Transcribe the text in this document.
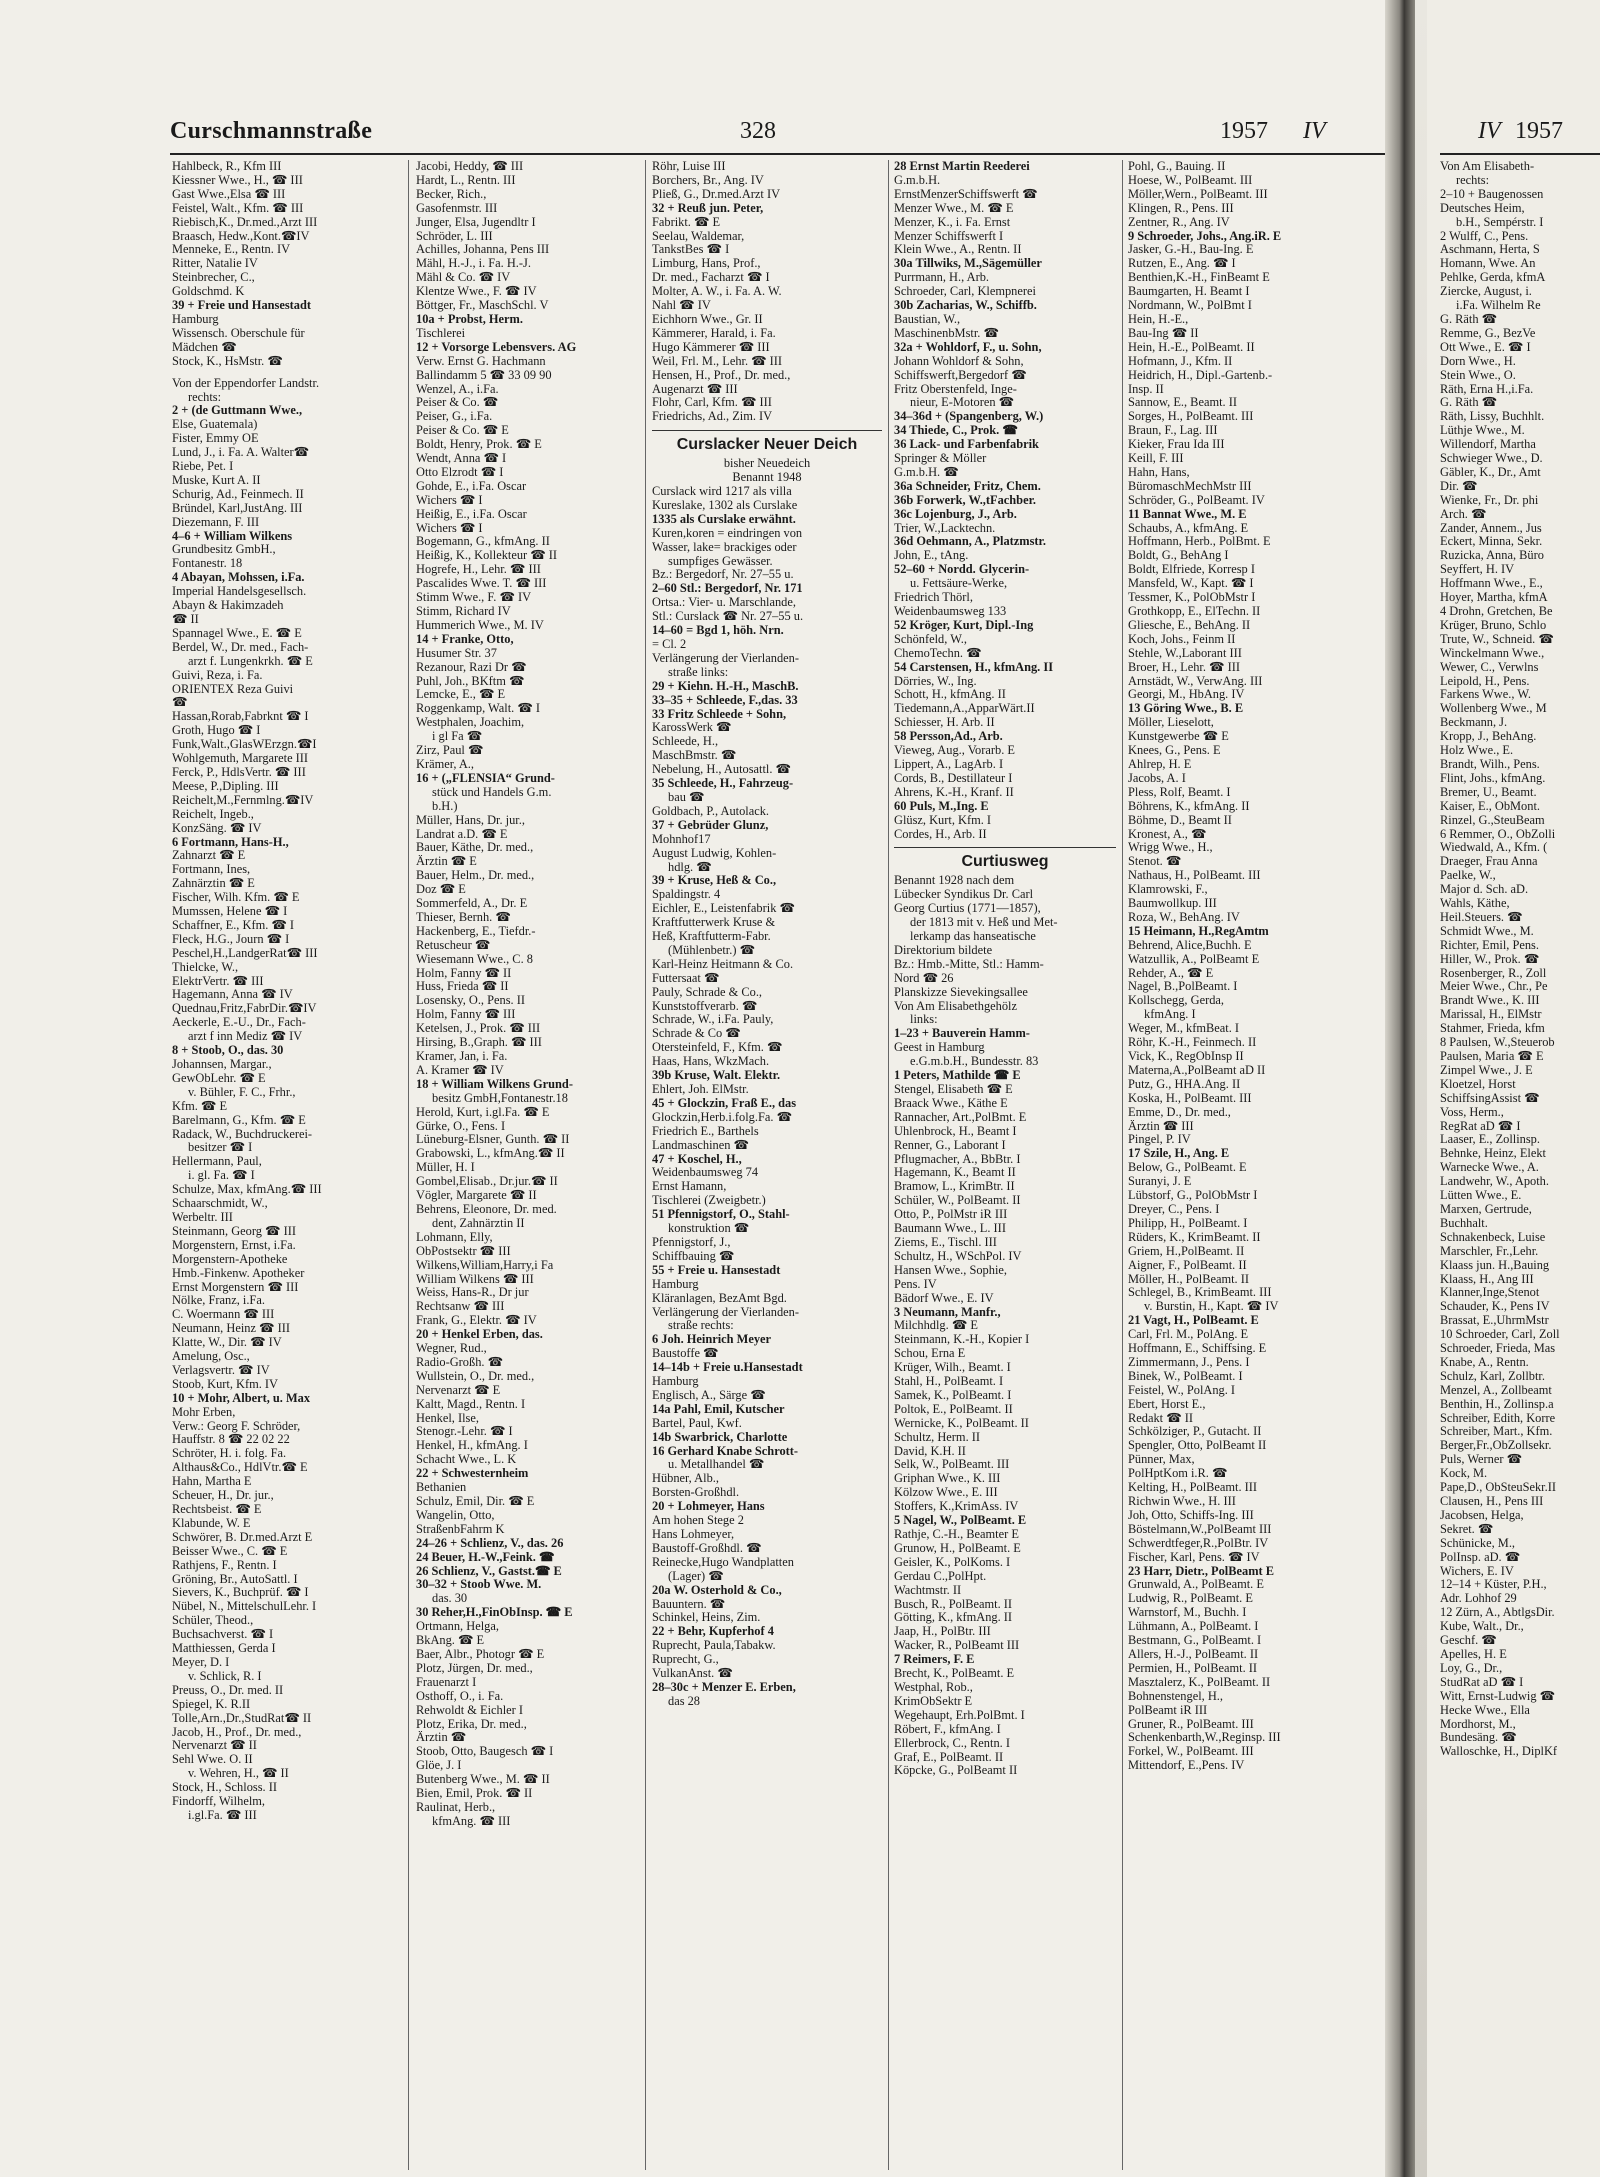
Curschmannstraße	328	1957 IV
Hahlbeck, R., Kfm III
Kiessner Wwe., H., ☎ III
Gast Wwe.,Elsa ☎ III
Feistel, Walt., Kfm. ☎ III
Riebisch,K., Dr.med.,Arzt III
Braasch, Hedw.,Kont.☎IV
Menneke, E., Rentn. IV
Ritter, Natalie IV
Steinbrecher, C.,
Goldschmd. K
39 + Freie und Hansestadt
Hamburg
Wissensch. Oberschule für
Mädchen ☎
Stock, K., HsMstr. ☎
Von der Eppendorfer Landstr.
rechts:
2 + (de Guttmann Wwe.,
Else, Guatemala)
Fister, Emmy OE
Lund, J., i. Fa. A. Walter☎
Riebe, Pet. I
Muske, Kurt A. II
Schurig, Ad., Feinmech. II
Bründel, Karl,JustAng. III
Diezemann, F. III
4–6 + William Wilkens
Grundbesitz GmbH.,
Fontanestr. 18
4 Abayan, Mohssen, i.Fa.
Imperial Handelsgesellsch.
Abayn & Hakimzadeh
☎ II
Spannagel Wwe., E. ☎ E
Berdel, W., Dr. med., Fach-
arzt f. Lungenkrkh. ☎ E
Guivi, Reza, i. Fa.
ORIENTEX Reza Guivi
☎
Hassan,Rorab,Fabrknt ☎ I
Groth, Hugo ☎ I
Funk,Walt.,GlasWErzgn.☎I
Wohlgemuth, Margarete III
Ferck, P., HdlsVertr. ☎ III
Meese, P.,Dipling. III
Reichelt,M.,Fernmlng.☎IV
Reichelt, Ingeb.,
KonzSäng. ☎ IV
6 Fortmann, Hans-H.,
Zahnarzt ☎ E
Fortmann, Ines,
Zahnärztin ☎ E
Fischer, Wilh. Kfm. ☎ E
Mumssen, Helene ☎ I
Schaffner, E., Kfm. ☎ I
Fleck, H.G., Journ ☎ I
Peschel,H.,LandgerRat☎ III
Thielcke, W.,
ElektrVertr. ☎ III
Hagemann, Anna ☎ IV
Quednau,Fritz,FabrDir.☎IV
Aeckerle, E.-U., Dr., Fach-
arzt f inn Mediz ☎ IV
8 + Stoob, O., das. 30
Johannsen, Margar.,
GewObLehr. ☎ E
v. Bühler, F. C., Frhr.,
Kfm. ☎ E
Barelmann, G., Kfm. ☎ E
Radack, W., Buchdruckerei-
besitzer ☎ I
Hellermann, Paul,
i. gl. Fa. ☎ I
Schulze, Max, kfmAng.☎ III
Schaarschmidt, W.,
Werbeltr. III
Steinmann, Georg ☎ III
Morgenstern, Ernst, i.Fa.
Morgenstern-Apotheke
Hmb.-Finkenw. Apotheker
Ernst Morgenstern ☎ III
Nölke, Franz, i.Fa.
C. Woermann ☎ III
Neumann, Heinz ☎ III
Klatte, W., Dir. ☎ IV
Amelung, Osc.,
Verlagsvertr. ☎ IV
Stoob, Kurt, Kfm. IV
10 + Mohr, Albert, u. Max
Mohr Erben,
Verw.: Georg F. Schröder,
Hauffstr. 8 ☎ 22 02 22
Schröter, H. i. folg. Fa.
Althaus&Co., HdlVtr.☎ E
Hahn, Martha E
Scheuer, H., Dr. jur.,
Rechtsbeist. ☎ E
Klabunde, W. E
Schwörer, B. Dr.med.Arzt E
Beisser Wwe., C. ☎ E
Rathjens, F., Rentn. I
Gröning, Br., AutoSattl. I
Sievers, K., Buchprüf. ☎ I
Nübel, N., MittelschulLehr. I
Schüler, Theod.,
Buchsachverst. ☎ I
Matthiessen, Gerda I
Meyer, D. I
v. Schlick, R. I
Preuss, O., Dr. med. II
Spiegel, K. R.II
Tolle,Arn.,Dr.,StudRat☎ II
Jacob, H., Prof., Dr. med.,
Nervenarzt ☎ II
Sehl Wwe. O. II
v. Wehren, H., ☎ II
Stock, H., Schloss. II
Findorff, Wilhelm,
i.gl.Fa. ☎ III
Jacobi, Heddy, ☎ III
Hardt, L., Rentn. III
Becker, Rich.,
Gasofenmstr. III
Junger, Elsa, Jugendltr I
Schröder, L. III
Achilles, Johanna, Pens III
Mähl, H.-J., i. Fa. H.-J.
Mähl & Co. ☎ IV
Klentze Wwe., F. ☎ IV
Böttger, Fr., MaschSchl. V
10a + Probst, Herm.
Tischlerei
12 + Vorsorge Lebensvers. AG
Verw. Ernst G. Hachmann
Ballindamm 5 ☎ 33 09 90
Wenzel, A., i.Fa.
Peiser & Co. ☎
Peiser, G., i.Fa.
Peiser & Co. ☎ E
Boldt, Henry, Prok. ☎ E
Wendt, Anna ☎ I
Otto Elzrodt ☎ I
Gohde, E., i.Fa. Oscar
Wichers ☎ I
Heißig, E., i.Fa. Oscar
Wichers ☎ I
Bogemann, G., kfmAng. II
Heißig, K., Kollekteur ☎ II
Hogrefe, H., Lehr. ☎ III
Pascalides Wwe. T. ☎ III
Stimm Wwe., F. ☎ IV
Stimm, Richard IV
Hummerich Wwe., M. IV
14 + Franke, Otto,
Husumer Str. 37
Rezanour, Razi Dr ☎
Puhl, Joh., BKftm ☎
Lemcke, E., ☎ E
Roggenkamp, Walt. ☎ I
Westphalen, Joachim,
i gl Fa ☎
Zirz, Paul ☎
Krämer, A.,
16 + („FLENSIA“ Grund-
stück und Handels G.m.
b.H.)
Müller, Hans, Dr. jur.,
Landrat a.D. ☎ E
Bauer, Käthe, Dr. med.,
Ärztin ☎ E
Bauer, Helm., Dr. med.,
Doz ☎ E
Sommerfeld, A., Dr. E
Thieser, Bernh. ☎
Hackenberg, E., Tiefdr.-
Retuscheur ☎
Wiesemann Wwe., C. 8
Holm, Fanny ☎ II
Huss, Frieda ☎ II
Losensky, O., Pens. II
Holm, Fanny ☎ III
Ketelsen, J., Prok. ☎ III
Hirsing, B.,Graph. ☎ III
Kramer, Jan, i. Fa.
A. Kramer ☎ IV
18 + William Wilkens Grund-
besitz GmbH,Fontanestr.18
Herold, Kurt, i.gl.Fa. ☎ E
Gürke, O., Fens. I
Lüneburg-Elsner, Gunth. ☎ II
Grabowski, L., kfmAng.☎ II
Müller, H. I
Gombel,Elisab., Dr.jur.☎ II
Vögler, Margarete ☎ II
Behrens, Eleonore, Dr. med.
dent, Zahnärztin II
Lohmann, Elly,
ObPostsektr ☎ III
Wilkens,William,Harry,i Fa
William Wilkens ☎ III
Weiss, Hans-R., Dr jur
Rechtsanw ☎ III
Frank, G., Elektr. ☎ IV
20 + Henkel Erben, das.
Wegner, Rud.,
Radio-Großh. ☎
Wullstein, O., Dr. med.,
Nervenarzt ☎ E
Kaltt, Magd., Rentn. I
Henkel, Ilse,
Stenogr.-Lehr. ☎ I
Henkel, H., kfmAng. I
Schacht Wwe., L. K
22 + Schwesternheim
Bethanien
Schulz, Emil, Dir. ☎ E
Wangelin, Otto,
StraßenbFahrm K
24–26 + Schlienz, V., das. 26
24 Beuer, H.-W.,Feink. ☎
26 Schlienz, V., Gastst.☎ E
30–32 + Stoob Wwe. M.
das. 30
30 Reher,H.,FinObInsp. ☎ E
Ortmann, Helga,
BkAng. ☎ E
Baer, Albr., Photogr ☎ E
Plotz, Jürgen, Dr. med.,
Frauenarzt I
Osthoff, O., i. Fa.
Rehwoldt & Eichler I
Plotz, Erika, Dr. med.,
Ärztin ☎
Stoob, Otto, Baugesch ☎ I
Glöe, J. I
Butenberg Wwe., M. ☎ II
Bien, Emil, Prok. ☎ II
Raulinat, Herb.,
kfmAng. ☎ III
Röhr, Luise III
Borchers, Br., Ang. IV
Pließ, G., Dr.med.Arzt IV
32 + Reuß jun. Peter,
Fabrikt. ☎ E
Seelau, Waldemar,
TankstBes ☎ I
Limburg, Hans, Prof.,
Dr. med., Facharzt ☎ I
Molter, A. W., i. Fa. A. W.
Nahl ☎ IV
Eichhorn Wwe., Gr. II
Kämmerer, Harald, i. Fa.
Hugo Kämmerer ☎ III
Weil, Frl. M., Lehr. ☎ III
Hensen, H., Prof., Dr. med.,
Augenarzt ☎ III
Flohr, Carl, Kfm. ☎ III
Friedrichs, Ad., Zim. IV
Curslacker Neuer Deich
bisher Neuedeich
Benannt 1948
Curslack wird 1217 als villa
Kureslake, 1302 als Curslake
1335 als Curslake erwähnt.
Kuren,koren = eindringen von
Wasser, lake= brackiges oder
sumpfiges Gewässer.
Bz.: Bergedorf, Nr. 27–55 u.
2–60 Stl.: Bergedorf, Nr. 171
Ortsa.: Vier- u. Marschlande,
Stl.: Curslack ☎ Nr. 27–55 u.
14–60 = Bgd 1, höh. Nrn.
= Cl. 2
Verlängerung der Vierlanden-
straße links:
29 + Kiehn. H.-H., MaschB.
33–35 + Schleede, F.,das. 33
33 Fritz Schleede + Sohn,
KarossWerk ☎
Schleede, H.,
MaschBmstr. ☎
Nebelung, H., Autosattl. ☎
35 Schleede, H., Fahrzeug-
bau ☎
Goldbach, P., Autolack.
37 + Gebrüder Glunz,
Mohnhof17
August Ludwig, Kohlen-
hdlg. ☎
39 + Kruse, Heß & Co.,
Spaldingstr. 4
Eichler, E., Leistenfabrik ☎
Kraftfutterwerk Kruse &
Heß, Kraftfutterm-Fabr.
(Mühlenbetr.) ☎
Karl-Heinz Heitmann & Co.
Futtersaat ☎
Pauly, Schrade & Co.,
Kunststoffverarb. ☎
Schrade, W., i.Fa. Pauly,
Schrade & Co ☎
Otersteinfeld, F., Kfm. ☎
Haas, Hans, WkzMach.
39b Kruse, Walt. Elektr.
Ehlert, Joh. ElMstr.
45 + Glockzin, Fraß E., das
Glockzin,Herb.i.folg.Fa. ☎
Friedrich E., Barthels
Landmaschinen ☎
47 + Koschel, H.,
Weidenbaumsweg 74
Ernst Hamann,
Tischlerei (Zweigbetr.)
51 Pfennigstorf, O., Stahl-
konstruktion ☎
Pfennigstorf, J.,
Schiffbauing ☎
55 + Freie u. Hansestadt
Hamburg
Kläranlagen, BezAmt Bgd.
Verlängerung der Vierlanden-
straße rechts:
6 Joh. Heinrich Meyer
Baustoffe ☎
14–14b + Freie u.Hansestadt
Hamburg
Englisch, A., Särge ☎
14a Pahl, Emil, Kutscher
Bartel, Paul, Kwf.
14b Swarbrick, Charlotte
16 Gerhard Knabe Schrott-
u. Metallhandel ☎
Hübner, Alb.,
Borsten-Großhdl.
20 + Lohmeyer, Hans
Am hohen Stege 2
Hans Lohmeyer,
Baustoff-Großhdl. ☎
Reinecke,Hugo Wandplatten
(Lager) ☎
20a W. Osterhold & Co.,
Bauuntern. ☎
Schinkel, Heins, Zim.
22 + Behr, Kupferhof 4
Ruprecht, Paula,Tabakw.
Ruprecht, G.,
VulkanAnst. ☎
28–30c + Menzer E. Erben,
das 28
28 Ernst Martin Reederei
G.m.b.H.
ErnstMenzerSchiffswerft ☎
Menzer Wwe., M. ☎ E
Menzer, K., i. Fa. Ernst
Menzer Schiffswerft I
Klein Wwe., A., Rentn. II
30a Tillwiks, M.,Sägemüller
Purrmann, H., Arb.
Schroeder, Carl, Klempnerei
30b Zacharias, W., Schiffb.
Baustian, W.,
MaschinenbMstr. ☎
32a + Wohldorf, F., u. Sohn,
Johann Wohldorf & Sohn,
Schiffswerft,Bergedorf ☎
Fritz Oberstenfeld, Inge-
nieur, E-Motoren ☎
34–36d + (Spangenberg, W.)
34 Thiede, C., Prok. ☎
36 Lack- und Farbenfabrik
Springer & Möller
G.m.b.H. ☎
36a Schneider, Fritz, Chem.
36b Forwerk, W.,tFachber.
36c Lojenburg, J., Arb.
Trier, W.,Lacktechn.
36d Oehmann, A., Platzmstr.
John, E., tAng.
52–60 + Nordd. Glycerin-
u. Fettsäure-Werke,
Friedrich Thörl,
Weidenbaumsweg 133
52 Kröger, Kurt, Dipl.-Ing
Schönfeld, W.,
ChemoTechn. ☎
54 Carstensen, H., kfmAng. II
Dörries, W., Ing.
Schott, H., kfmAng. II
Tiedemann,A.,ApparWärt.II
Schiesser, H. Arb. II
58 Persson,Ad., Arb.
Vieweg, Aug., Vorarb. E
Lippert, A., LagArb. I
Cords, B., Destillateur I
Ahrens, K.-H., Kranf. II
60 Puls, M.,Ing. E
Glüsz, Kurt, Kfm. I
Cordes, H., Arb. II
Curtiusweg
Benannt 1928 nach dem
Lübecker Syndikus Dr. Carl
Georg Curtius (1771—1857),
der 1813 mit v. Heß und Met-
lerkamp das hanseatische
Direktorium bildete
Bz.: Hmb.-Mitte, Stl.: Hamm-
Nord ☎ 26
Planskizze Sievekingsallee
Von Am Elisabethgehölz
links:
1–23 + Bauverein Hamm-
Geest in Hamburg
e.G.m.b.H., Bundesstr. 83
1 Peters, Mathilde ☎ E
Stengel, Elisabeth ☎ E
Braack Wwe., Käthe E
Rannacher, Art.,PolBmt. E
Uhlenbrock, H., Beamt I
Renner, G., Laborant I
Pflugmacher, A., BbBtr. I
Hagemann, K., Beamt II
Bramow, L., KrimBtr. II
Schüler, W., PolBeamt. II
Otto, P., PolMstr iR III
Baumann Wwe., L. III
Ziems, E., Tischl. III
Schultz, H., WSchPol. IV
Hansen Wwe., Sophie,
Pens. IV
Bädorf Wwe., E. IV
3 Neumann, Manfr.,
Milchhdlg. ☎ E
Steinmann, K.-H., Kopier I
Schou, Erna E
Krüger, Wilh., Beamt. I
Stahl, H., PolBeamt. I
Samek, K., PolBeamt. I
Poltok, E., PolBeamt. II
Wernicke, K., PolBeamt. II
Schultz, Herm. II
David, K.H. II
Selk, W., PolBeamt. III
Griphan Wwe., K. III
Kölzow Wwe., E. III
Stoffers, K.,KrimAss. IV
5 Nagel, W., PolBeamt. E
Rathje, C.-H., Beamter E
Grunow, H., PolBeamt. E
Geisler, K., PolKoms. I
Gerdau C.,PolHpt.
Wachtmstr. II
Busch, R., PolBeamt. II
Götting, K., kfmAng. II
Jaap, H., PolBtr. III
Wacker, R., PolBeamt III
7 Reimers, F. E
Brecht, K., PolBeamt. E
Westphal, Rob.,
KrimObSektr E
Wegehaupt, Erh.PolBmt. I
Röbert, F., kfmAng. I
Ellerbrock, C., Rentn. I
Graf, E., PolBeamt. II
Köpcke, G., PolBeamt II
Pohl, G., Bauing. II
Hoese, W., PolBeamt. III
Möller,Wern., PolBeamt. III
Klingen, R., Pens. III
Zentner, R., Ang. IV
9 Schroeder, Johs., Ang.iR. E
Jasker, G.-H., Bau-Ing. E
Rutzen, E., Ang. ☎ I
Benthien,K.-H., FinBeamt E
Baumgarten, H. Beamt I
Nordmann, W., PolBmt I
Hein, H.-E.,
Bau-Ing ☎ II
Hein, H.-E., PolBeamt. II
Hofmann, J., Kfm. II
Heidrich, H., Dipl.-Gartenb.-
Insp. II
Sannow, E., Beamt. II
Sorges, H., PolBeamt. III
Braun, F., Lag. III
Kieker, Frau Ida III
Keill, F. III
Hahn, Hans,
BüromaschMechMstr III
Schröder, G., PolBeamt. IV
11 Bannat Wwe., M. E
Schaubs, A., kfmAng. E
Hoffmann, Herb., PolBmt. E
Boldt, G., BehAng I
Boldt, Elfriede, Korresp I
Mansfeld, W., Kapt. ☎ I
Tessmer, K., PolObMstr I
Grothkopp, E., ElTechn. II
Gliesche, E., BehAng. II
Koch, Johs., Feinm II
Stehle, W.,Laborant III
Broer, H., Lehr. ☎ III
Arnstädt, W., VerwAng. III
Georgi, M., HbAng. IV
13 Göring Wwe., B. E
Möller, Lieselott,
Kunstgewerbe ☎ E
Knees, G., Pens. E
Ahlrep, H. E
Jacobs, A. I
Pless, Rolf, Beamt. I
Böhrens, K., kfmAng. II
Böhme, D., Beamt II
Kronest, A., ☎
Wrigg Wwe., H.,
Stenot. ☎
Nathaus, H., PolBeamt. III
Klamrowski, F.,
Baumwollkup. III
Roza, W., BehAng. IV
15 Heimann, H.,RegAmtm
Behrend, Alice,Buchh. E
Watzullik, A., PolBeamt E
Rehder, A., ☎ E
Nagel, B.,PolBeamt. I
Kollschegg, Gerda,
kfmAng. I
Weger, M., kfmBeat. I
Röhr, K.-H., Feinmech. II
Vick, K., RegObInsp II
Materna,A.,PolBeamt aD II
Putz, G., HHA.Ang. II
Koska, H., PolBeamt. III
Emme, D., Dr. med.,
Ärztin ☎ III
Pingel, P. IV
17 Szile, H., Ang. E
Below, G., PolBeamt. E
Suranyi, J. E
Lübstorf, G., PolObMstr I
Dreyer, C., Pens. I
Philipp, H., PolBeamt. I
Rüders, K., KrimBeamt. II
Griem, H.,PolBeamt. II
Aigner, F., PolBeamt. II
Möller, H., PolBeamt. II
Schlegel, B., KrimBeamt. III
v. Burstin, H., Kapt. ☎ IV
21 Vagt, H., PolBeamt. E
Carl, Frl. M., PolAng. E
Hoffmann, E., Schiffsing. E
Zimmermann, J., Pens. I
Binek, W., PolBeamt. I
Feistel, W., PolAng. I
Ebert, Horst E.,
Redakt ☎ II
Schkölziger, P., Gutacht. II
Spengler, Otto, PolBeamt II
Pünner, Max,
PolHptKom i.R. ☎
Kelting, H., PolBeamt. III
Richwin Wwe., H. III
Joh, Otto, Schiffs-Ing. III
Böstelmann,W.,PolBeamt III
Schwerdtfeger,R.,PolBtr. IV
Fischer, Karl, Pens. ☎ IV
23 Harr, Dietr., PolBeamt E
Grunwald, A., PolBeamt. E
Ludwig, R., PolBeamt. E
Warnstorf, M., Buchh. I
Lühmann, A., PolBeamt. I
Bestmann, G., PolBeamt. I
Allers, H.-J., PolBeamt. II
Permien, H., PolBeamt. II
Masztalerz, K., PolBeamt. II
Bohnenstengel, H.,
PolBeamt iR III
Gruner, R., PolBeamt. III
Schenkenbarth,W.,Reginsp. III
Forkel, W., PolBeamt. III
Mittendorf, E.,Pens. IV
IV 1957
Von Am Elisabeth-
rechts:
2–10 + Baugenossen
Deutsches Heim,
b.H., Sempérstr. I
2 Wulff, C., Pens.
Aschmann, Herta, S
Homann, Wwe. An
Pehlke, Gerda, kfmA
Ziercke, August, i.
i.Fa. Wilhelm Re
G. Räth ☎
Remme, G., BezVe
Ott Wwe., E. ☎ I
Dorn Wwe., H.
Stein Wwe., O.
Räth, Erna H.,i.Fa.
G. Räth ☎
Räth, Lissy, Buchhlt.
Lüthje Wwe., M.
Willendorf, Martha
Schwieger Wwe., D.
Gäbler, K., Dr., Amt
Dir. ☎
Wienke, Fr., Dr. phi
Arch. ☎
Zander, Annem., Jus
Eckert, Minna, Sekr.
Ruzicka, Anna, Büro
Seyffert, H. IV
Hoffmann Wwe., E.,
Hoyer, Martha, kfmA
4 Drohn, Gretchen, Be
Krüger, Bruno, Schlo
Trute, W., Schneid. ☎
Winckelmann Wwe.,
Wewer, C., Verwlns
Leipold, H., Pens.
Farkens Wwe., W.
Wollenberg Wwe., M
Beckmann, J.
Kropp, J., BehAng.
Holz Wwe., E.
Brandt, Wilh., Pens.
Flint, Johs., kfmAng.
Bremer, U., Beamt.
Kaiser, E., ObMont.
Rinzel, G.,SteuBeam
6 Remmer, O., ObZolli
Wiedwald, A., Kfm. (
Draeger, Frau Anna
Paelke, W.,
Major d. Sch. aD.
Wahls, Käthe,
Heil.Steuers. ☎
Schmidt Wwe., M.
Richter, Emil, Pens.
Hiller, W., Prok. ☎
Rosenberger, R., Zoll
Meier Wwe., Chr., Pe
Brandt Wwe., K. III
Marissal, H., ElMstr
Stahmer, Frieda, kfm
8 Paulsen, W.,Steuerob
Paulsen, Maria ☎ E
Zimpel Wwe., J. E
Kloetzel, Horst
SchiffsingAssist ☎
Voss, Herm.,
RegRat aD ☎ I
Laaser, E., Zollinsp.
Behnke, Heinz, Elekt
Warnecke Wwe., A.
Landwehr, W., Apoth.
Lütten Wwe., E.
Marxen, Gertrude,
Buchhalt.
Schnakenbeck, Luise
Marschler, Fr.,Lehr.
Klaass jun. H.,Bauing
Klaass, H., Ang III
Klanner,Inge,Stenot
Schauder, K., Pens IV
Brassat, E.,UhrmMstr
10 Schroeder, Carl, Zoll
Schroeder, Frieda, Mas
Knabe, A., Rentn.
Schulz, Karl, Zollbtr.
Menzel, A., Zollbeamt
Benthin, H., Zollinsp.a
Schreiber, Edith, Korre
Schreiber, Mart., Kfm.
Berger,Fr.,ObZollsekr.
Puls, Werner ☎
Kock, M.
Pape,D., ObSteuSekr.II
Clausen, H., Pens III
Jacobsen, Helga,
Sekret. ☎
Schünicke, M.,
PolInsp. aD. ☎
Wichers, E. IV
12–14 + Küster, P.H.,
Adr. Lohhof 29
12 Zürn, A., AbtlgsDir.
Kube, Walt., Dr.,
Geschf. ☎
Apelles, H. E
Loy, G., Dr.,
StudRat aD ☎ I
Witt, Ernst-Ludwig ☎
Hecke Wwe., Ella
Mordhorst, M.,
Bundesäng. ☎
Walloschke, H., DiplKf
